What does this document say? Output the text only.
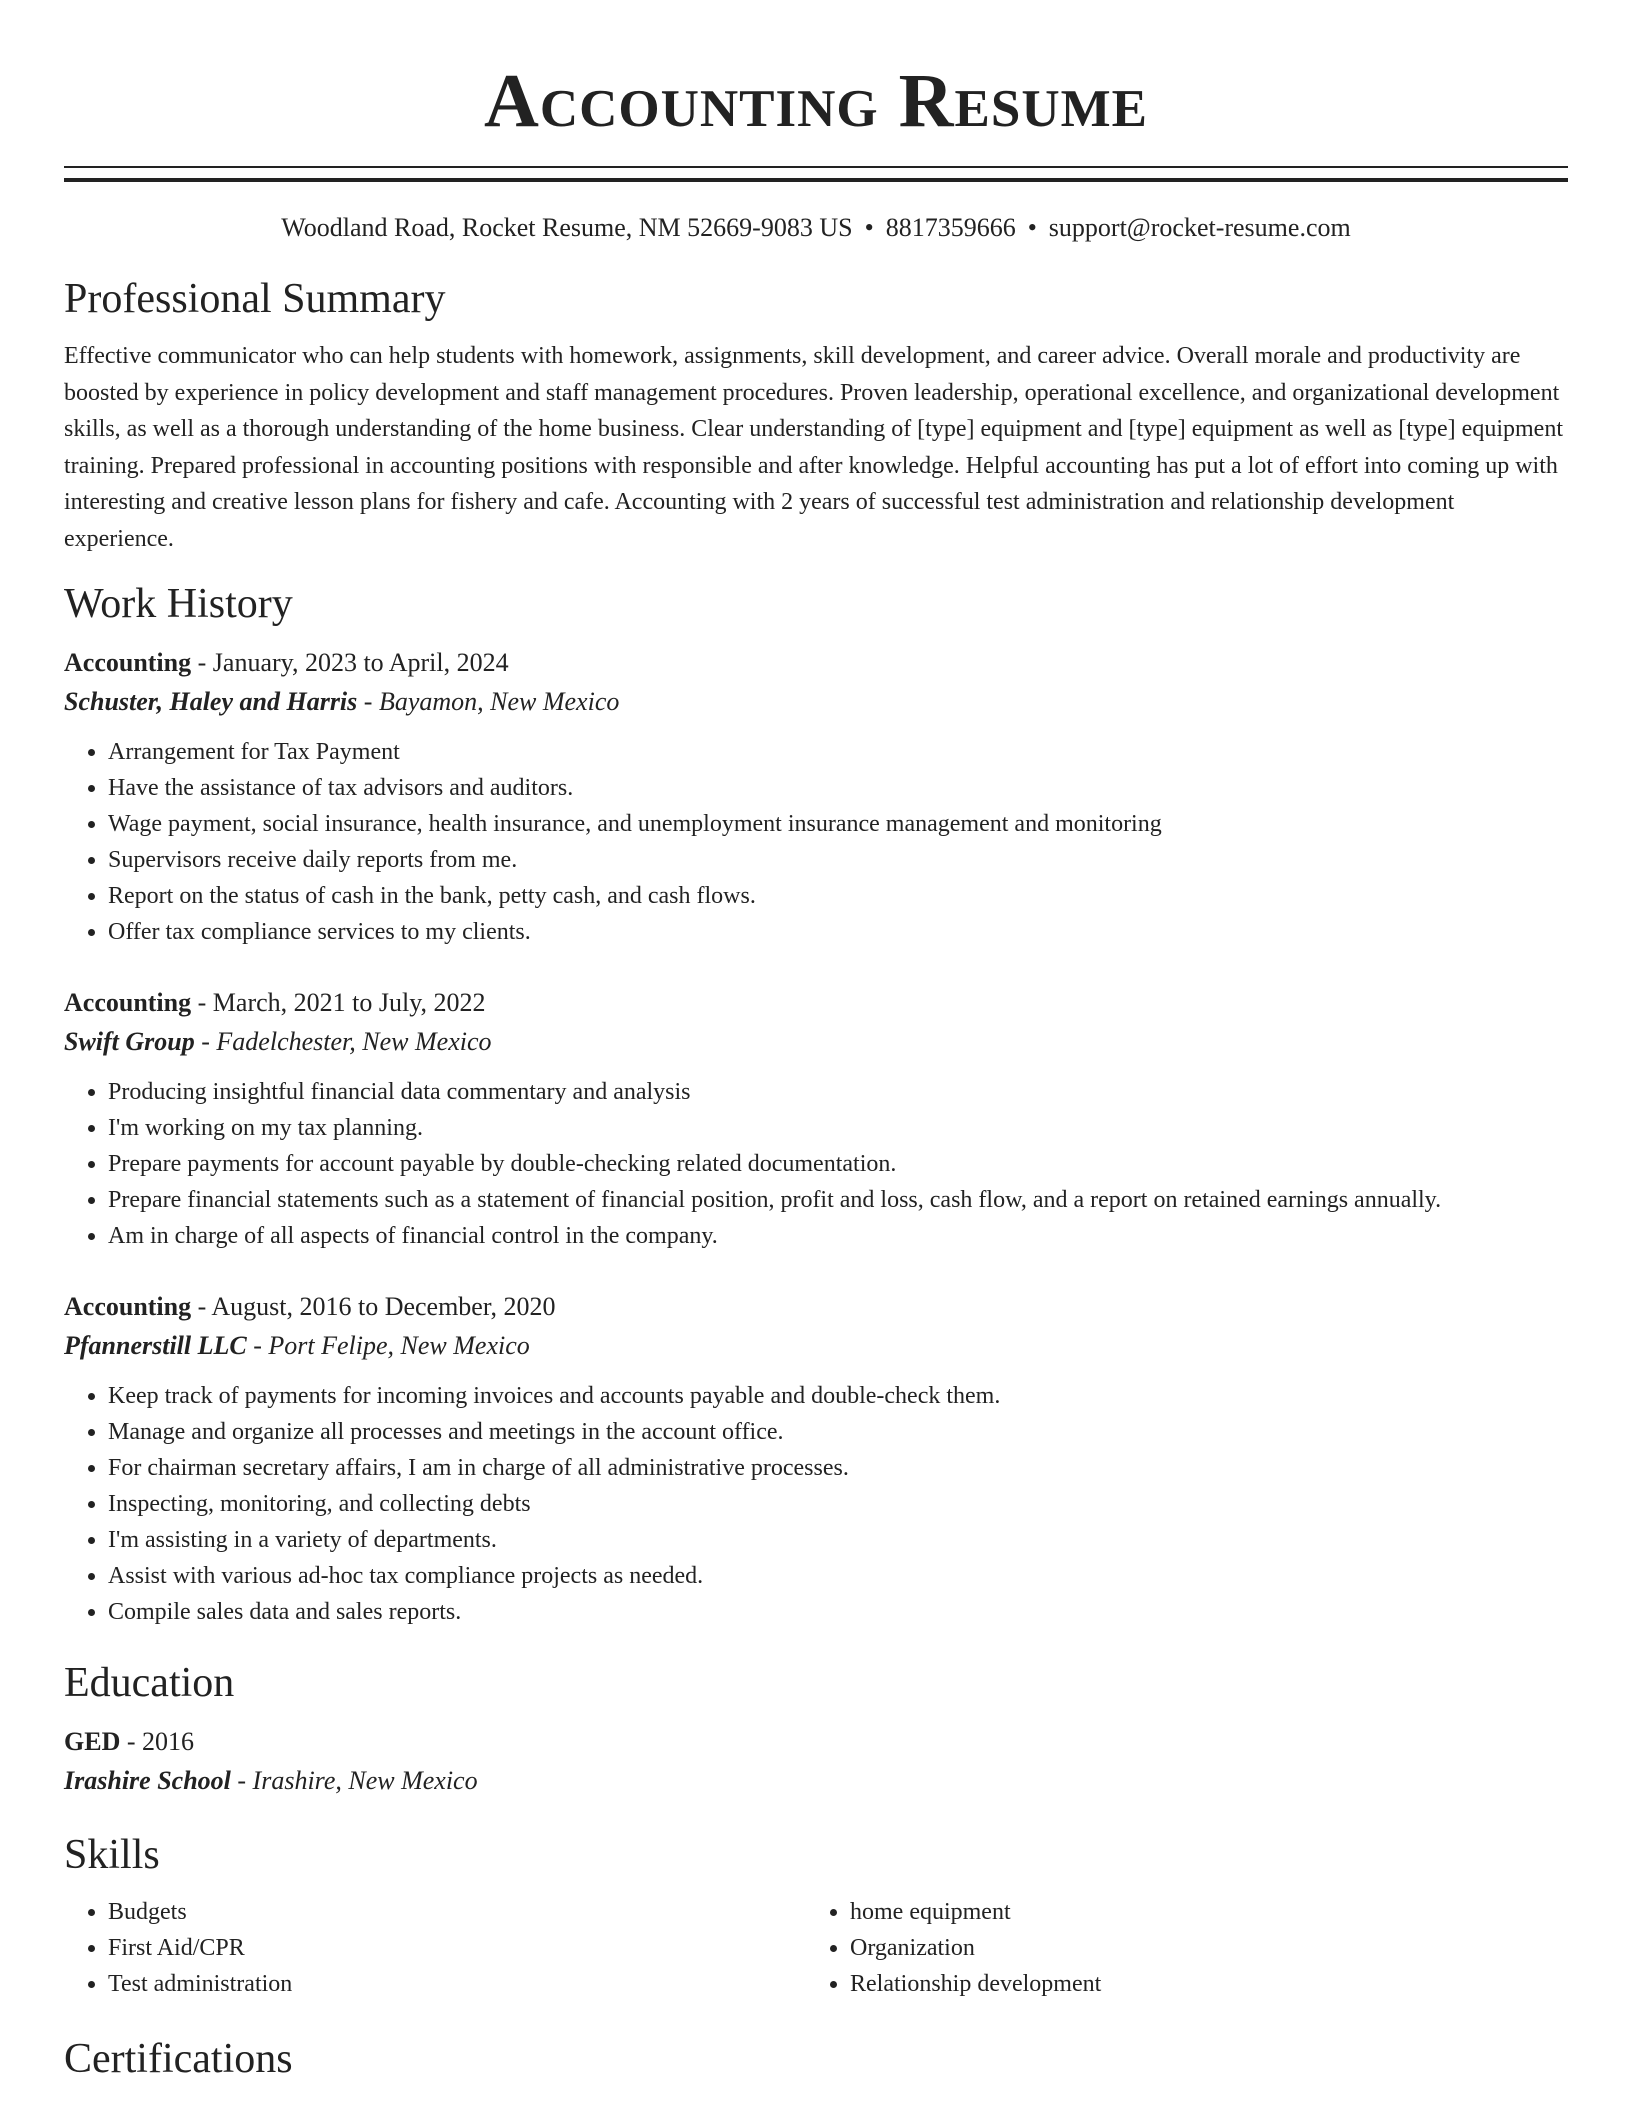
Accounting Resume
Woodland Road, Rocket Resume, NM 52669-9083 US • 8817359666 • support@rocket-resume.com
Professional Summary

Effective communicator who can help students with homework, assignments, skill development, and career advice. Overall morale and productivity are boosted by experience in policy development and staff management procedures. Proven leadership, operational excellence, and organizational development skills, as well as a thorough understanding of the home business. Clear understanding of [type] equipment and [type] equipment as well as [type] equipment training. Prepared professional in accounting positions with responsible and after knowledge. Helpful accounting has put a lot of effort into coming up with interesting and creative lesson plans for fishery and cafe. Accounting with 2 years of successful test administration and relationship development experience.

Work History
Accounting - January, 2023 to April, 2024
Schuster, Haley and Harris - Bayamon, New Mexico
• Arrangement for Tax Payment
• Have the assistance of tax advisors and auditors.
• Wage payment, social insurance, health insurance, and unemployment insurance management and monitoring
• Supervisors receive daily reports from me.
• Report on the status of cash in the bank, petty cash, and cash flows.
• Offer tax compliance services to my clients.
Accounting - March, 2021 to July, 2022
Swift Group - Fadelchester, New Mexico
• Producing insightful financial data commentary and analysis
• I'm working on my tax planning.
• Prepare payments for account payable by double-checking related documentation.
• Prepare financial statements such as a statement of financial position, profit and loss, cash flow, and a report on retained earnings annually.
• Am in charge of all aspects of financial control in the company.
Accounting - August, 2016 to December, 2020
Pfannerstill LLC - Port Felipe, New Mexico
• Keep track of payments for incoming invoices and accounts payable and double-check them.
• Manage and organize all processes and meetings in the account office.
• For chairman secretary affairs, I am in charge of all administrative processes.
• Inspecting, monitoring, and collecting debts
• I'm assisting in a variety of departments.
• Assist with various ad-hoc tax compliance projects as needed.
• Compile sales data and sales reports.
Education
GED - 2016
Irashire School - Irashire, New Mexico
Skills
• Budgets
• First Aid/CPR
• Test administration
• home equipment
• Organization
• Relationship development
Certifications
